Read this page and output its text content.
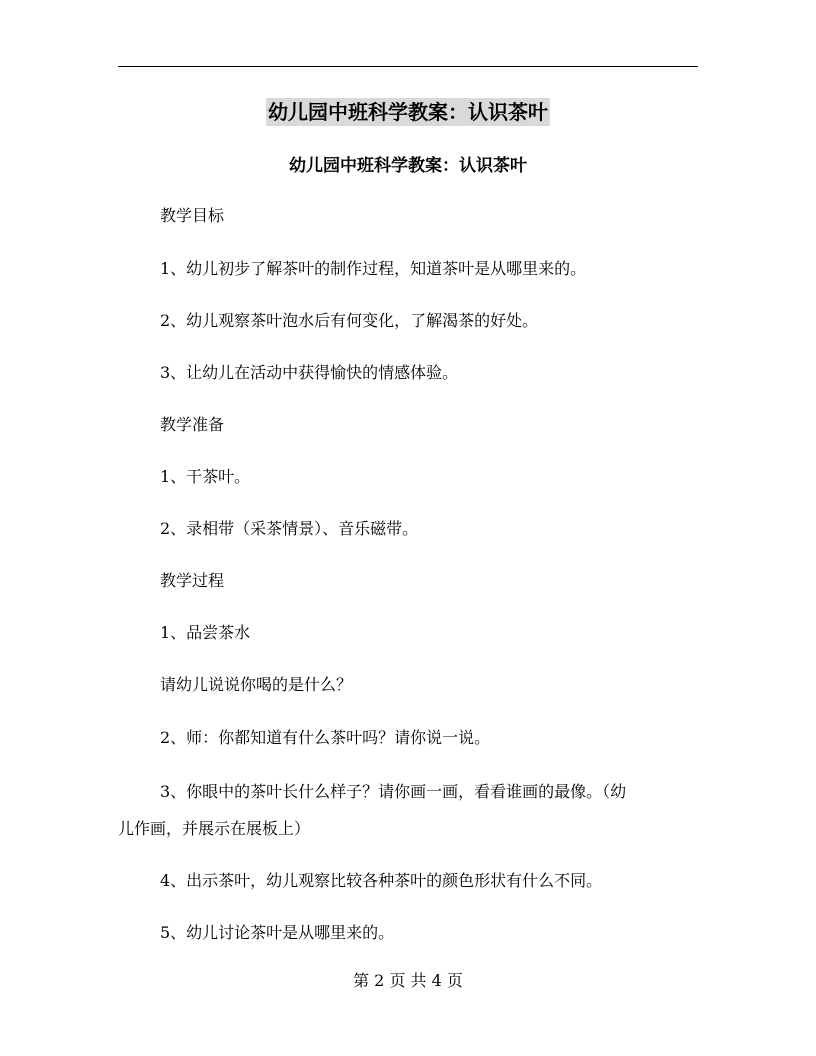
幼儿园中班科学教案：认识茶叶
幼儿园中班科学教案：认识茶叶
教学目标
1、幼儿初步了解茶叶的制作过程，知道茶叶是从哪里来的。
2、幼儿观察茶叶泡水后有何变化，了解渴茶的好处。
3、让幼儿在活动中获得愉快的情感体验。
教学准备
1、干茶叶。
2、录相带（采茶情景）、音乐磁带。
教学过程
1、品尝茶水
请幼儿说说你喝的是什么？
2、师：你都知道有什么茶叶吗？请你说一说。
3、你眼中的茶叶长什么样子？请你画一画，看看谁画的最像。（幼
儿作画，并展示在展板上）
4、出示茶叶，幼儿观察比较各种茶叶的颜色形状有什么不同。
5、幼儿讨论茶叶是从哪里来的。
第 2 页 共 4 页
